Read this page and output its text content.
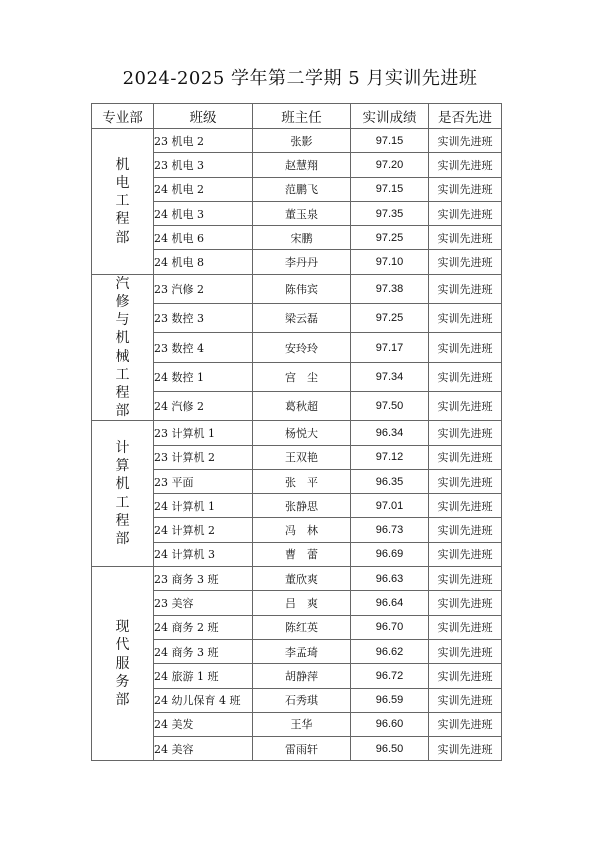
2024-2025 学年第二学期 5 月实训先进班
专业部	班级	班主任	实训成绩	是否先进
机电工程部	23 机电 2	张影	97.15	实训先进班
	23 机电 3	赵慧翔	97.20	实训先进班
	24 机电 2	范鹏飞	97.15	实训先进班
	24 机电 3	董玉泉	97.35	实训先进班
	24 机电 6	宋鹏	97.25	实训先进班
	24 机电 8	李丹丹	97.10	实训先进班
汽修与机械工程部	23 汽修 2	陈伟宾	97.38	实训先进班
	23 数控 3	梁云磊	97.25	实训先进班
	23 数控 4	安玲玲	97.17	实训先进班
	24 数控 1	宫　尘	97.34	实训先进班
	24 汽修 2	葛秋超	97.50	实训先进班
计算机工程部	23 计算机 1	杨悦大	96.34	实训先进班
	23 计算机 2	王双艳	97.12	实训先进班
	23 平面	张　平	96.35	实训先进班
	24 计算机 1	张静思	97.01	实训先进班
	24 计算机 2	冯　林	96.73	实训先进班
	24 计算机 3	曹　蕾	96.69	实训先进班
现代服务部	23 商务 3 班	董欣爽	96.63	实训先进班
	23 美容	吕　爽	96.64	实训先进班
	24 商务 2 班	陈红英	96.70	实训先进班
	24 商务 3 班	李孟琦	96.62	实训先进班
	24 旅游 1 班	胡静萍	96.72	实训先进班
	24 幼儿保育 4 班	石秀琪	96.59	实训先进班
	24 美发	王华	96.60	实训先进班
	24 美容	雷雨轩	96.50	实训先进班
